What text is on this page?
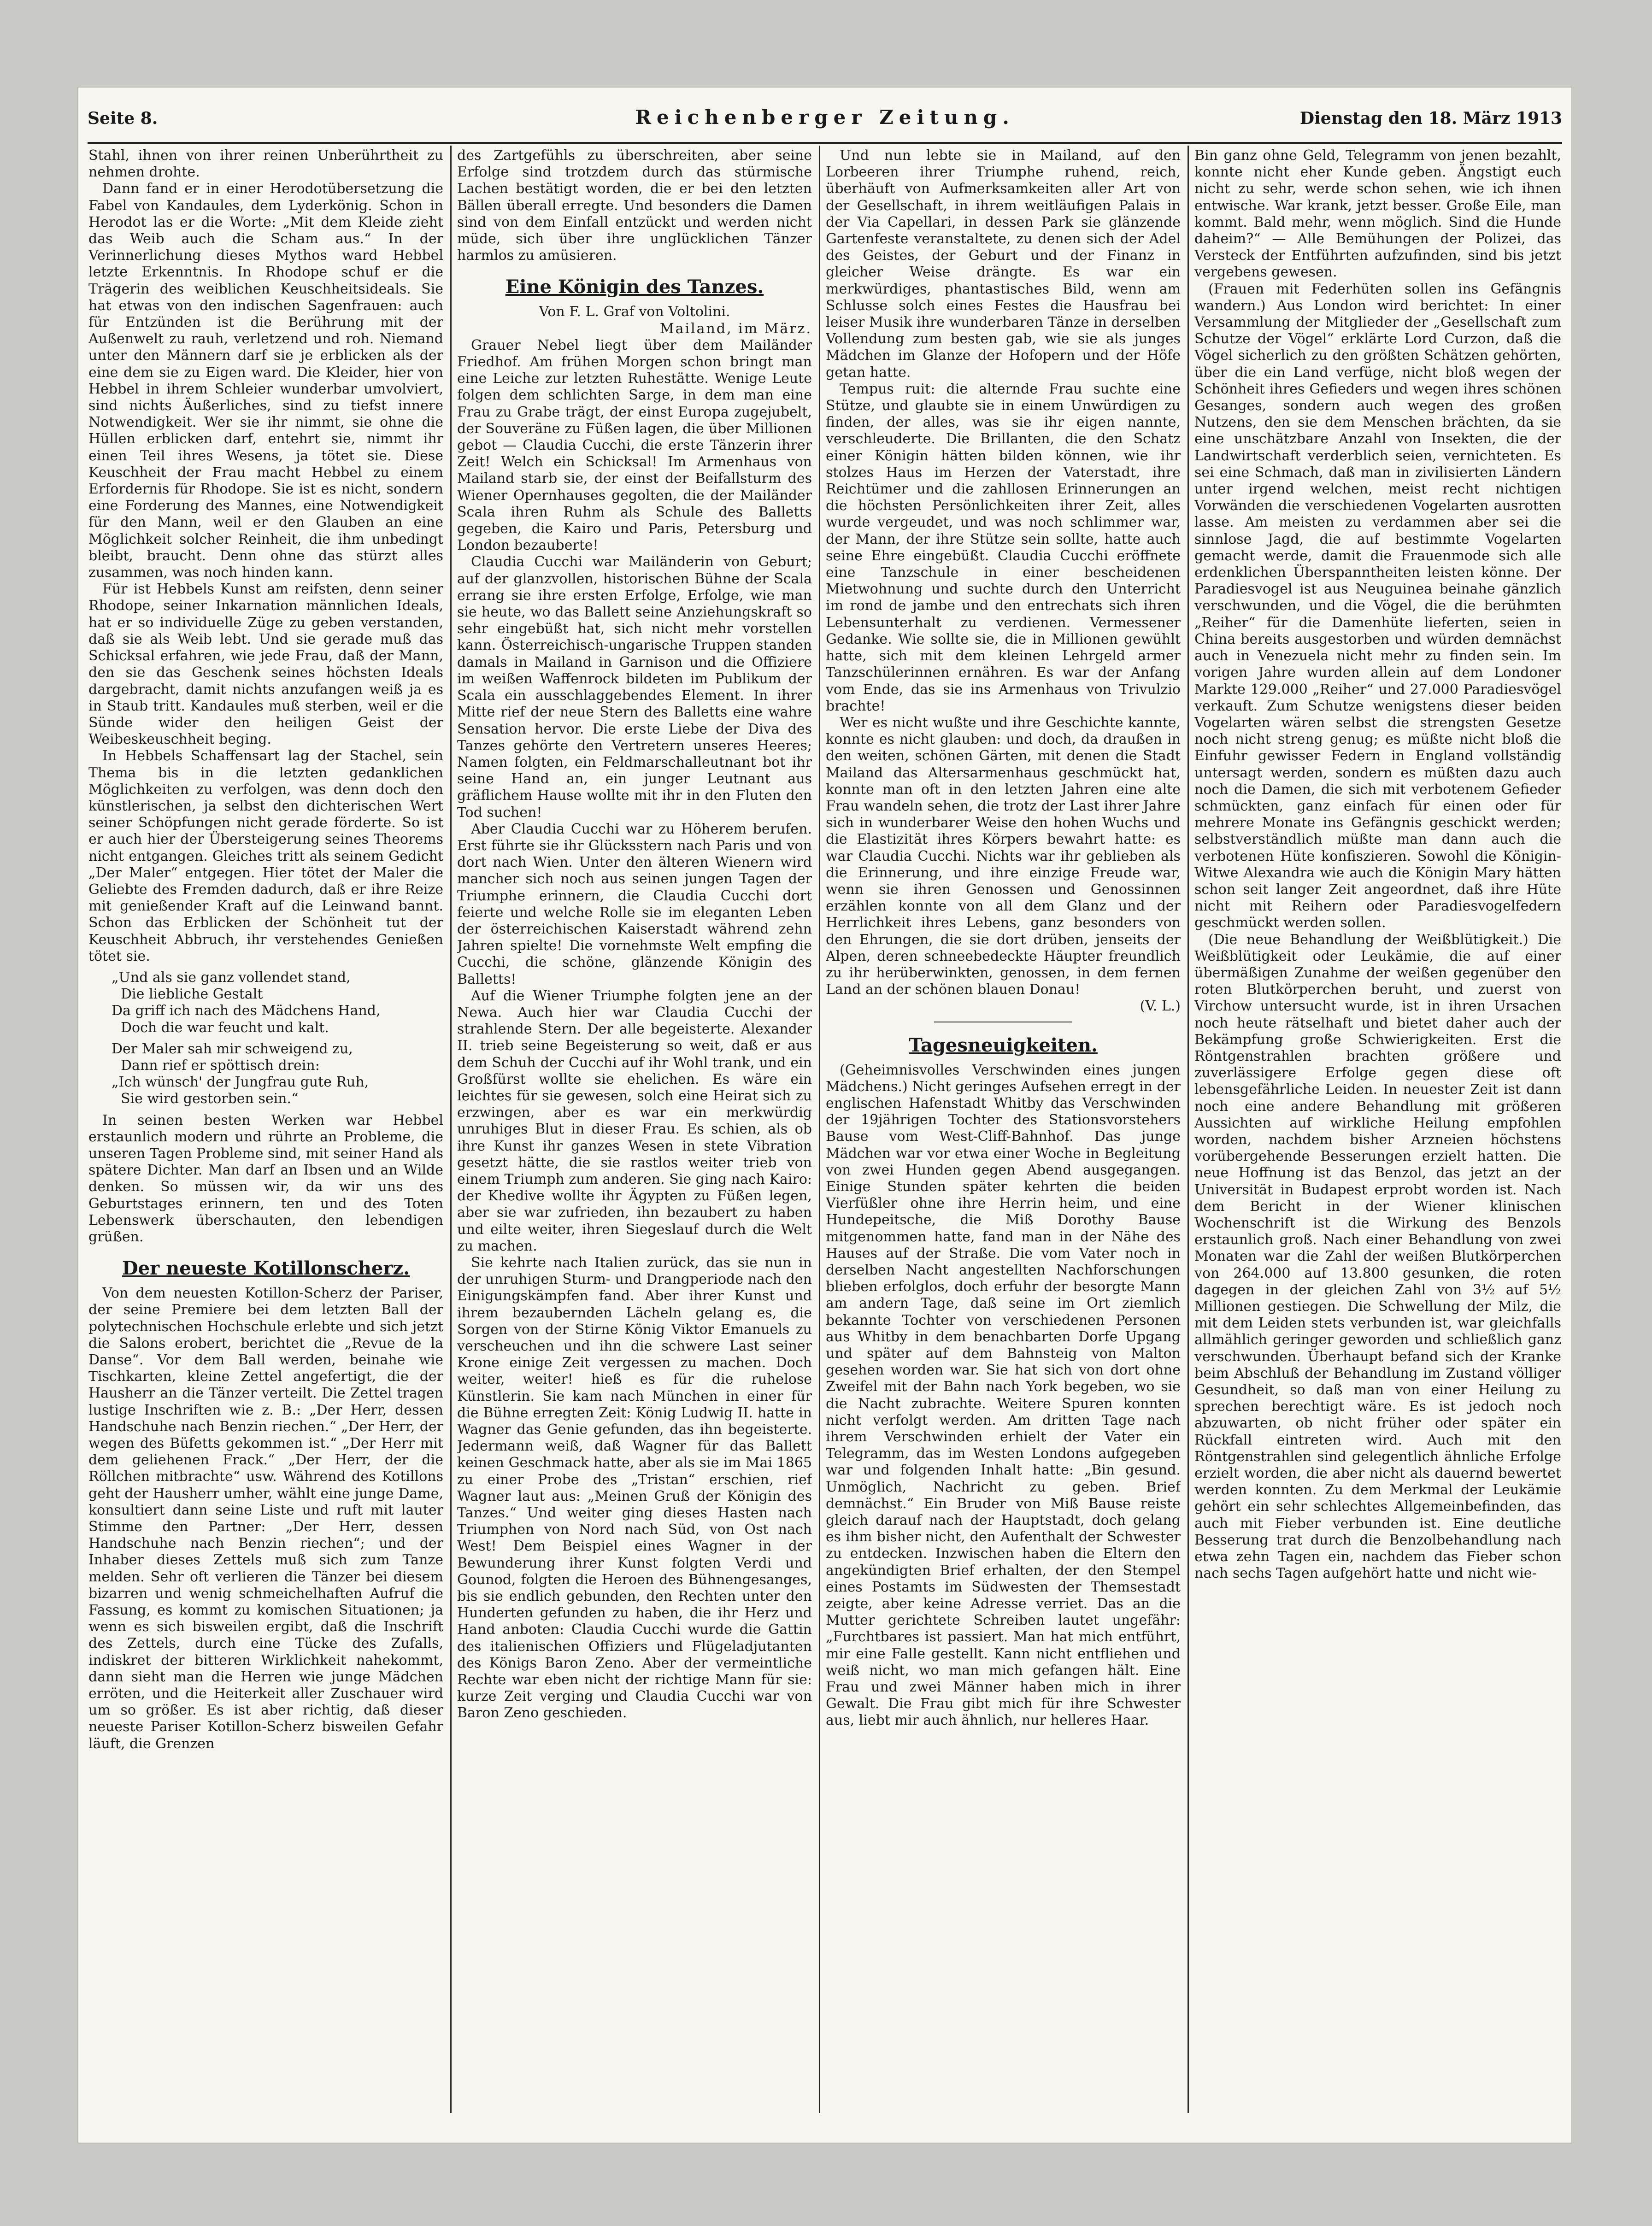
Seite 8.	Reichenberger Zeitung.	Dienstag den 18. März 1913

Stahl, ihnen von ihrer reinen Unberührtheit zu nehmen drohte.

Dann fand er in einer Herodotübersetzung die Fabel von Kandaules, dem Lyderkönig. Schon in Herodot las er die Worte: „Mit dem Kleide zieht das Weib auch die Scham aus.“ In der Verinnerlichung dieses Mythos ward Hebbel letzte Erkenntnis. In Rhodope schuf er die Trägerin des weiblichen Keuschheitsideals. Sie hat etwas von den indischen Sagenfrauen: auch für Entzünden ist die Berührung mit der Außenwelt zu rauh, verletzend und roh. Niemand unter den Männern darf sie je erblicken als der eine dem sie zu Eigen ward. Die Kleider, hier von Hebbel in ihrem Schleier wunderbar umvolviert, sind nichts Äußerliches, sind zu tiefst innere Notwendigkeit. Wer sie ihr nimmt, sie ohne die Hüllen erblicken darf, entehrt sie, nimmt ihr einen Teil ihres Wesens, ja tötet sie. Diese Keuschheit der Frau macht Hebbel zu einem Erfordernis für Rhodope. Sie ist es nicht, sondern eine Forderung des Mannes, eine Notwendigkeit für den Mann, weil er den Glauben an eine Möglichkeit solcher Reinheit, die ihm unbedingt bleibt, braucht. Denn ohne das stürzt alles zusammen, was noch hinden kann.

Für ist Hebbels Kunst am reifsten, denn seiner Rhodope, seiner Inkarnation männlichen Ideals, hat er so individuelle Züge zu geben verstanden, daß sie als Weib lebt. Und sie gerade muß das Schicksal erfahren, wie jede Frau, daß der Mann, den sie das Geschenk seines höchsten Ideals dargebracht, damit nichts anzufangen weiß ja es in Staub tritt. Kandaules muß sterben, weil er die Sünde wider den heiligen Geist der Weibeskeuschheit beging.

In Hebbels Schaffensart lag der Stachel, sein Thema bis in die letzten gedanklichen Möglichkeiten zu verfolgen, was denn doch den künstlerischen, ja selbst den dichterischen Wert seiner Schöpfungen nicht gerade förderte. So ist er auch hier der Übersteigerung seines Theorems nicht entgangen. Gleiches tritt als seinem Gedicht „Der Maler“ entgegen. Hier tötet der Maler die Geliebte des Fremden dadurch, daß er ihre Reize mit genießender Kraft auf die Leinwand bannt. Schon das Erblicken der Schönheit tut der Keuschheit Abbruch, ihr verstehendes Genießen tötet sie.

„Und als sie ganz vollendet stand,
Die liebliche Gestalt
Da griff ich nach des Mädchens Hand,
Doch die war feucht und kalt.
Der Maler sah mir schweigend zu,
Dann rief er spöttisch drein:
„Ich wünsch' der Jungfrau gute Ruh,
Sie wird gestorben sein.“

In seinen besten Werken war Hebbel erstaunlich modern und rührte an Probleme, die unseren Tagen Probleme sind, mit seiner Hand als spätere Dichter. Man darf an Ibsen und an Wilde denken. So müssen wir, da wir uns des Geburtstages erinnern, ten und des Toten Lebenswerk überschauten, den lebendigen grüßen.

Der neueste Kotillonscherz.

Von dem neuesten Kotillon-Scherz der Pariser, der seine Premiere bei dem letzten Ball der polytechnischen Hochschule erlebte und sich jetzt die Salons erobert, berichtet die „Revue de la Danse“. Vor dem Ball werden, beinahe wie Tischkarten, kleine Zettel angefertigt, die der Hausherr an die Tänzer verteilt. Die Zettel tragen lustige Inschriften wie z. B.: „Der Herr, dessen Handschuhe nach Benzin riechen.“ „Der Herr, der wegen des Büfetts gekommen ist.“ „Der Herr mit dem geliehenen Frack.“ „Der Herr, der die Röllchen mitbrachte“ usw. Während des Kotillons geht der Hausherr umher, wählt eine junge Dame, konsultiert dann seine Liste und ruft mit lauter Stimme den Partner: „Der Herr, dessen Handschuhe nach Benzin riechen“; und der Inhaber dieses Zettels muß sich zum Tanze melden. Sehr oft verlieren die Tänzer bei diesem bizarren und wenig schmeichelhaften Aufruf die Fassung, es kommt zu komischen Situationen; ja wenn es sich bisweilen ergibt, daß die Inschrift des Zettels, durch eine Tücke des Zufalls, indiskret der bitteren Wirklichkeit nahekommt, dann sieht man die Herren wie junge Mädchen erröten, und die Heiterkeit aller Zuschauer wird um so größer. Es ist aber richtig, daß dieser neueste Pariser Kotillon-Scherz bisweilen Gefahr läuft, die Grenzen

des Zartgefühls zu überschreiten, aber seine Erfolge sind trotzdem durch das stürmische Lachen bestätigt worden, die er bei den letzten Bällen überall erregte. Und besonders die Damen sind von dem Einfall entzückt und werden nicht müde, sich über ihre unglücklichen Tänzer harmlos zu amüsieren.

Eine Königin des Tanzes.

Von F. L. Graf von Voltolini.

Mailand, im März.

Grauer Nebel liegt über dem Mailänder Friedhof. Am frühen Morgen schon bringt man eine Leiche zur letzten Ruhestätte. Wenige Leute folgen dem schlichten Sarge, in dem man eine Frau zu Grabe trägt, der einst Europa zugejubelt, der Souveräne zu Füßen lagen, die über Millionen gebot — Claudia Cucchi, die erste Tänzerin ihrer Zeit! Welch ein Schicksal! Im Armenhaus von Mailand starb sie, der einst der Beifallsturm des Wiener Opernhauses gegolten, die der Mailänder Scala ihren Ruhm als Schule des Balletts gegeben, die Kairo und Paris, Petersburg und London bezauberte!

Claudia Cucchi war Mailänderin von Geburt; auf der glanzvollen, historischen Bühne der Scala errang sie ihre ersten Erfolge, Erfolge, wie man sie heute, wo das Ballett seine Anziehungskraft so sehr eingebüßt hat, sich nicht mehr vorstellen kann. Österreichisch-ungarische Truppen standen damals in Mailand in Garnison und die Offiziere im weißen Waffenrock bildeten im Publikum der Scala ein ausschlaggebendes Element. In ihrer Mitte rief der neue Stern des Balletts eine wahre Sensation hervor. Die erste Liebe der Diva des Tanzes gehörte den Vertretern unseres Heeres; Namen folgten, ein Feldmarschalleutnant bot ihr seine Hand an, ein junger Leutnant aus gräflichem Hause wollte mit ihr in den Fluten den Tod suchen!

Aber Claudia Cucchi war zu Höherem berufen. Erst führte sie ihr Glücksstern nach Paris und von dort nach Wien. Unter den älteren Wienern wird mancher sich noch aus seinen jungen Tagen der Triumphe erinnern, die Claudia Cucchi dort feierte und welche Rolle sie im eleganten Leben der österreichischen Kaiserstadt während zehn Jahren spielte! Die vornehmste Welt empfing die Cucchi, die schöne, glänzende Königin des Balletts!

Auf die Wiener Triumphe folgten jene an der Newa. Auch hier war Claudia Cucchi der strahlende Stern. Der alle begeisterte. Alexander II. trieb seine Begeisterung so weit, daß er aus dem Schuh der Cucchi auf ihr Wohl trank, und ein Großfürst wollte sie ehelichen. Es wäre ein leichtes für sie gewesen, solch eine Heirat sich zu erzwingen, aber es war ein merkwürdig unruhiges Blut in dieser Frau. Es schien, als ob ihre Kunst ihr ganzes Wesen in stete Vibration gesetzt hätte, die sie rastlos weiter trieb von einem Triumph zum anderen. Sie ging nach Kairo: der Khedive wollte ihr Ägypten zu Füßen legen, aber sie war zufrieden, ihn bezaubert zu haben und eilte weiter, ihren Siegeslauf durch die Welt zu machen.

Sie kehrte nach Italien zurück, das sie nun in der unruhigen Sturm- und Drangperiode nach den Einigungskämpfen fand. Aber ihrer Kunst und ihrem bezaubernden Lächeln gelang es, die Sorgen von der Stirne König Viktor Emanuels zu verscheuchen und ihn die schwere Last seiner Krone einige Zeit vergessen zu machen. Doch weiter, weiter! hieß es für die ruhelose Künstlerin. Sie kam nach München in einer für die Bühne erregten Zeit: König Ludwig II. hatte in Wagner das Genie gefunden, das ihn begeisterte. Jedermann weiß, daß Wagner für das Ballett keinen Geschmack hatte, aber als sie im Mai 1865 zu einer Probe des „Tristan“ erschien, rief Wagner laut aus: „Meinen Gruß der Königin des Tanzes.“ Und weiter ging dieses Hasten nach Triumphen von Nord nach Süd, von Ost nach West! Dem Beispiel eines Wagner in der Bewunderung ihrer Kunst folgten Verdi und Gounod, folgten die Heroen des Bühnengesanges, bis sie endlich gebunden, den Rechten unter den Hunderten gefunden zu haben, die ihr Herz und Hand anboten: Claudia Cucchi wurde die Gattin des italienischen Offiziers und Flügeladjutanten des Königs Baron Zeno. Aber der vermeintliche Rechte war eben nicht der richtige Mann für sie: kurze Zeit verging und Claudia Cucchi war von Baron Zeno geschieden.

Und nun lebte sie in Mailand, auf den Lorbeeren ihrer Triumphe ruhend, reich, überhäuft von Aufmerksamkeiten aller Art von der Gesellschaft, in ihrem weitläufigen Palais in der Via Capellari, in dessen Park sie glänzende Gartenfeste veranstaltete, zu denen sich der Adel des Geistes, der Geburt und der Finanz in gleicher Weise drängte. Es war ein merkwürdiges, phantastisches Bild, wenn am Schlusse solch eines Festes die Hausfrau bei leiser Musik ihre wunderbaren Tänze in derselben Vollendung zum besten gab, wie sie als junges Mädchen im Glanze der Hofopern und der Höfe getan hatte.

Tempus ruit: die alternde Frau suchte eine Stütze, und glaubte sie in einem Unwürdigen zu finden, der alles, was sie ihr eigen nannte, verschleuderte. Die Brillanten, die den Schatz einer Königin hätten bilden können, wie ihr stolzes Haus im Herzen der Vaterstadt, ihre Reichtümer und die zahllosen Erinnerungen an die höchsten Persönlichkeiten ihrer Zeit, alles wurde vergeudet, und was noch schlimmer war, der Mann, der ihre Stütze sein sollte, hatte auch seine Ehre eingebüßt. Claudia Cucchi eröffnete eine Tanzschule in einer bescheidenen Mietwohnung und suchte durch den Unterricht im rond de jambe und den entrechats sich ihren Lebensunterhalt zu verdienen. Vermessener Gedanke. Wie sollte sie, die in Millionen gewühlt hatte, sich mit dem kleinen Lehrgeld armer Tanzschülerinnen ernähren. Es war der Anfang vom Ende, das sie ins Armenhaus von Trivulzio brachte!

Wer es nicht wußte und ihre Geschichte kannte, konnte es nicht glauben: und doch, da draußen in den weiten, schönen Gärten, mit denen die Stadt Mailand das Altersarmenhaus geschmückt hat, konnte man oft in den letzten Jahren eine alte Frau wandeln sehen, die trotz der Last ihrer Jahre sich in wunderbarer Weise den hohen Wuchs und die Elastizität ihres Körpers bewahrt hatte: es war Claudia Cucchi. Nichts war ihr geblieben als die Erinnerung, und ihre einzige Freude war, wenn sie ihren Genossen und Genossinnen erzählen konnte von all dem Glanz und der Herrlichkeit ihres Lebens, ganz besonders von den Ehrungen, die sie dort drüben, jenseits der Alpen, deren schneebedeckte Häupter freundlich zu ihr herüberwinkten, genossen, in dem fernen Land an der schönen blauen Donau!

(V. L.)

Tagesneuigkeiten.

(Geheimnisvolles Verschwinden eines jungen Mädchens.) Nicht geringes Aufsehen erregt in der englischen Hafenstadt Whitby das Verschwinden der 19jährigen Tochter des Stationsvorstehers Bause vom West-Cliff-Bahnhof. Das junge Mädchen war vor etwa einer Woche in Begleitung von zwei Hunden gegen Abend ausgegangen. Einige Stunden später kehrten die beiden Vierfüßler ohne ihre Herrin heim, und eine Hundepeitsche, die Miß Dorothy Bause mitgenommen hatte, fand man in der Nähe des Hauses auf der Straße. Die vom Vater noch in derselben Nacht angestellten Nachforschungen blieben erfolglos, doch erfuhr der besorgte Mann am andern Tage, daß seine im Ort ziemlich bekannte Tochter von verschiedenen Personen aus Whitby in dem benachbarten Dorfe Upgang und später auf dem Bahnsteig von Malton gesehen worden war. Sie hat sich von dort ohne Zweifel mit der Bahn nach York begeben, wo sie die Nacht zubrachte. Weitere Spuren konnten nicht verfolgt werden. Am dritten Tage nach ihrem Verschwinden erhielt der Vater ein Telegramm, das im Westen Londons aufgegeben war und folgenden Inhalt hatte: „Bin gesund. Unmöglich, Nachricht zu geben. Brief demnächst.“ Ein Bruder von Miß Bause reiste gleich darauf nach der Hauptstadt, doch gelang es ihm bisher nicht, den Aufenthalt der Schwester zu entdecken. Inzwischen haben die Eltern den angekündigten Brief erhalten, der den Stempel eines Postamts im Südwesten der Themsestadt zeigte, aber keine Adresse verriet. Das an die Mutter gerichtete Schreiben lautet ungefähr: „Furchtbares ist passiert. Man hat mich entführt, mir eine Falle gestellt. Kann nicht entfliehen und weiß nicht, wo man mich gefangen hält. Eine Frau und zwei Männer haben mich in ihrer Gewalt. Die Frau gibt mich für ihre Schwester aus, liebt mir auch ähnlich, nur helleres Haar.

Bin ganz ohne Geld, Telegramm von jenen bezahlt, konnte nicht eher Kunde geben. Ängstigt euch nicht zu sehr, werde schon sehen, wie ich ihnen entwische. War krank, jetzt besser. Große Eile, man kommt. Bald mehr, wenn möglich. Sind die Hunde daheim?“ — Alle Bemühungen der Polizei, das Versteck der Entführten aufzufinden, sind bis jetzt vergebens gewesen.

(Frauen mit Federhüten sollen ins Gefängnis wandern.) Aus London wird berichtet: In einer Versammlung der Mitglieder der „Gesellschaft zum Schutze der Vögel“ erklärte Lord Curzon, daß die Vögel sicherlich zu den größten Schätzen gehörten, über die ein Land verfüge, nicht bloß wegen der Schönheit ihres Gefieders und wegen ihres schönen Gesanges, sondern auch wegen des großen Nutzens, den sie dem Menschen brächten, da sie eine unschätzbare Anzahl von Insekten, die der Landwirtschaft verderblich seien, vernichteten. Es sei eine Schmach, daß man in zivilisierten Ländern unter irgend welchen, meist recht nichtigen Vorwänden die verschiedenen Vogelarten ausrotten lasse. Am meisten zu verdammen aber sei die sinnlose Jagd, die auf bestimmte Vogelarten gemacht werde, damit die Frauenmode sich alle erdenklichen Überspanntheiten leisten könne. Der Paradiesvogel ist aus Neuguinea beinahe gänzlich verschwunden, und die Vögel, die die berühmten „Reiher“ für die Damenhüte lieferten, seien in China bereits ausgestorben und würden demnächst auch in Venezuela nicht mehr zu finden sein. Im vorigen Jahre wurden allein auf dem Londoner Markte 129.000 „Reiher“ und 27.000 Paradiesvögel verkauft. Zum Schutze wenigstens dieser beiden Vogelarten wären selbst die strengsten Gesetze noch nicht streng genug; es müßte nicht bloß die Einfuhr gewisser Federn in England vollständig untersagt werden, sondern es müßten dazu auch noch die Damen, die sich mit verbotenem Gefieder schmückten, ganz einfach für einen oder für mehrere Monate ins Gefängnis geschickt werden; selbstverständlich müßte man dann auch die verbotenen Hüte konfiszieren. Sowohl die Königin-Witwe Alexandra wie auch die Königin Mary hätten schon seit langer Zeit angeordnet, daß ihre Hüte nicht mit Reihern oder Paradiesvogelfedern geschmückt werden sollen.

(Die neue Behandlung der Weißblütigkeit.) Die Weißblütigkeit oder Leukämie, die auf einer übermäßigen Zunahme der weißen gegenüber den roten Blutkörperchen beruht, und zuerst von Virchow untersucht wurde, ist in ihren Ursachen noch heute rätselhaft und bietet daher auch der Bekämpfung große Schwierigkeiten. Erst die Röntgenstrahlen brachten größere und zuverlässigere Erfolge gegen diese oft lebensgefährliche Leiden. In neuester Zeit ist dann noch eine andere Behandlung mit größeren Aussichten auf wirkliche Heilung empfohlen worden, nachdem bisher Arzneien höchstens vorübergehende Besserungen erzielt hatten. Die neue Hoffnung ist das Benzol, das jetzt an der Universität in Budapest erprobt worden ist. Nach dem Bericht in der Wiener klinischen Wochenschrift ist die Wirkung des Benzols erstaunlich groß. Nach einer Behandlung von zwei Monaten war die Zahl der weißen Blutkörperchen von 264.000 auf 13.800 gesunken, die roten dagegen in der gleichen Zahl von 3½ auf 5½ Millionen gestiegen. Die Schwellung der Milz, die mit dem Leiden stets verbunden ist, war gleichfalls allmählich geringer geworden und schließlich ganz verschwunden. Überhaupt befand sich der Kranke beim Abschluß der Behandlung im Zustand völliger Gesundheit, so daß man von einer Heilung zu sprechen berechtigt wäre. Es ist jedoch noch abzuwarten, ob nicht früher oder später ein Rückfall eintreten wird. Auch mit den Röntgenstrahlen sind gelegentlich ähnliche Erfolge erzielt worden, die aber nicht als dauernd bewertet werden konnten. Zu dem Merkmal der Leukämie gehört ein sehr schlechtes Allgemeinbefinden, das auch mit Fieber verbunden ist. Eine deutliche Besserung trat durch die Benzolbehandlung nach etwa zehn Tagen ein, nachdem das Fieber schon nach sechs Tagen aufgehört hatte und nicht wie-
